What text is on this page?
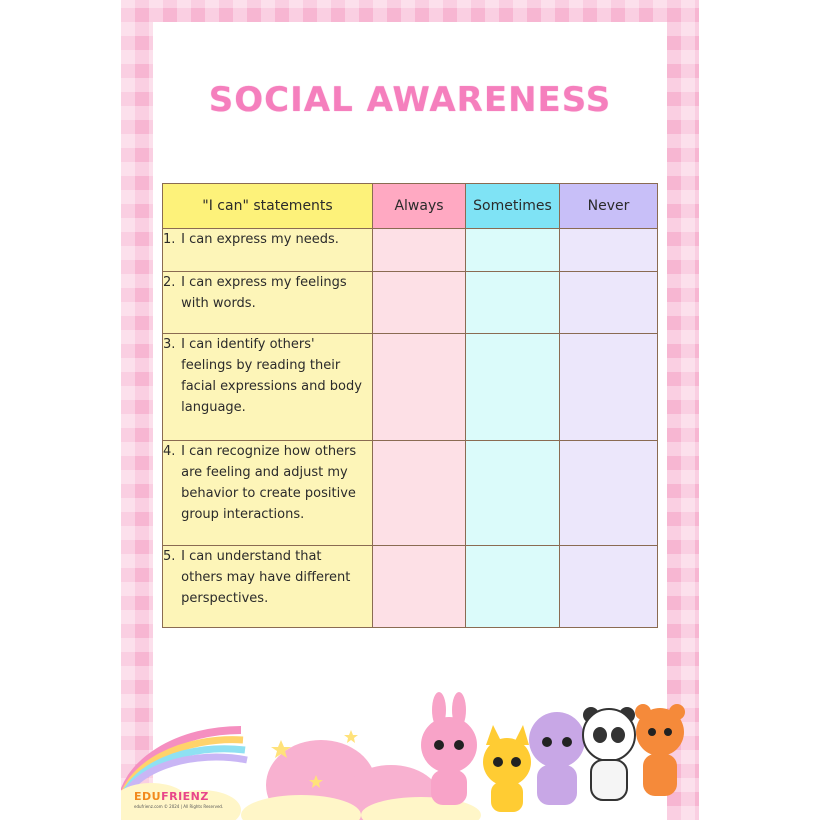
SOCIAL AWARENESS
"I can" statements	Always	Sometimes	Never
1. I can express my needs.			
2. I can express my feelings
with words.			
3. I can identify others'
feelings by reading their
facial expressions and body
language.			
4. I can recognize how others
are feeling and adjust my
behavior to create positive
group interactions.			
5. I can understand that
others may have different
perspectives.			
EDUFRIENZ
edufrienz.com © 2024 | All Rights Reserved.
